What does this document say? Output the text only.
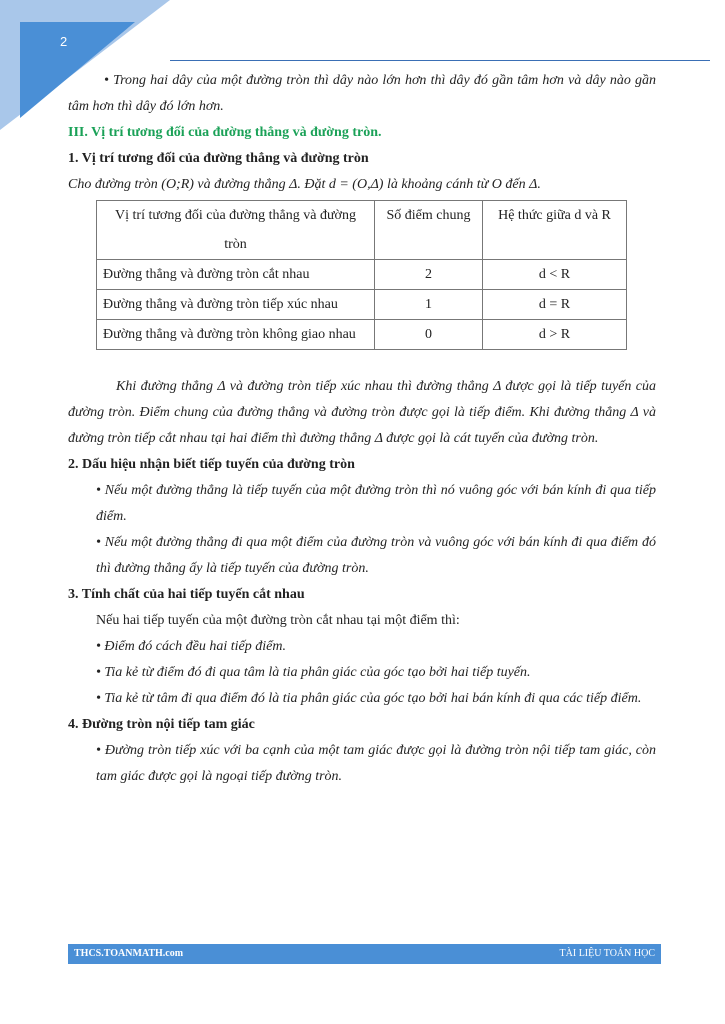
2
• Trong hai dây của một đường tròn thì dây nào lớn hơn thì dây đó gần tâm hơn và dây nào gần tâm hơn thì dây đó lớn hơn.
III. Vị trí tương đối của đường thẳng và đường tròn.
1. Vị trí tương đối của đường thẳng và đường tròn
Cho đường tròn (O;R) và đường thẳng Δ. Đặt d = (O,Δ) là khoảng cánh từ O đến Δ.
Vị trí tương đối của đường thẳng và đường tròn	Số điểm chung	Hệ thức giữa d và R
Đường thẳng và đường tròn cắt nhau	2	d < R
Đường thẳng và đường tròn tiếp xúc nhau	1	d = R
Đường thẳng và đường tròn không giao nhau	0	d > R
Khi đường thẳng Δ và đường tròn tiếp xúc nhau thì đường thẳng Δ được gọi là tiếp tuyến của đường tròn. Điểm chung của đường thẳng và đường tròn được gọi là tiếp điểm. Khi đường thẳng Δ và đường tròn tiếp cắt nhau tại hai điểm thì đường thẳng Δ được gọi là cát tuyến của đường tròn.
2. Dấu hiệu nhận biết tiếp tuyến của đường tròn
• Nếu một đường thẳng là tiếp tuyến của một đường tròn thì nó vuông góc với bán kính đi qua tiếp điểm.
• Nếu một đường thẳng đi qua một điểm của đường tròn và vuông góc với bán kính đi qua điểm đó thì đường thẳng ấy là tiếp tuyến của đường tròn.
3. Tính chất của hai tiếp tuyến cắt nhau
Nếu hai tiếp tuyến của một đường tròn cắt nhau tại một điểm thì:
• Điểm đó cách đều hai tiếp điểm.
• Tia kẻ từ điểm đó đi qua tâm là tia phân giác của góc tạo bởi hai tiếp tuyến.
• Tia kẻ từ tâm đi qua điểm đó là tia phân giác của góc tạo bởi hai bán kính đi qua các tiếp điểm.
4. Đường tròn nội tiếp tam giác
• Đường tròn tiếp xúc với ba cạnh của một tam giác được gọi là đường tròn nội tiếp tam giác, còn tam giác được gọi là ngoại tiếp đường tròn.
THCS.TOANMATH.com	TÀI LIỆU TOÁN HỌC
